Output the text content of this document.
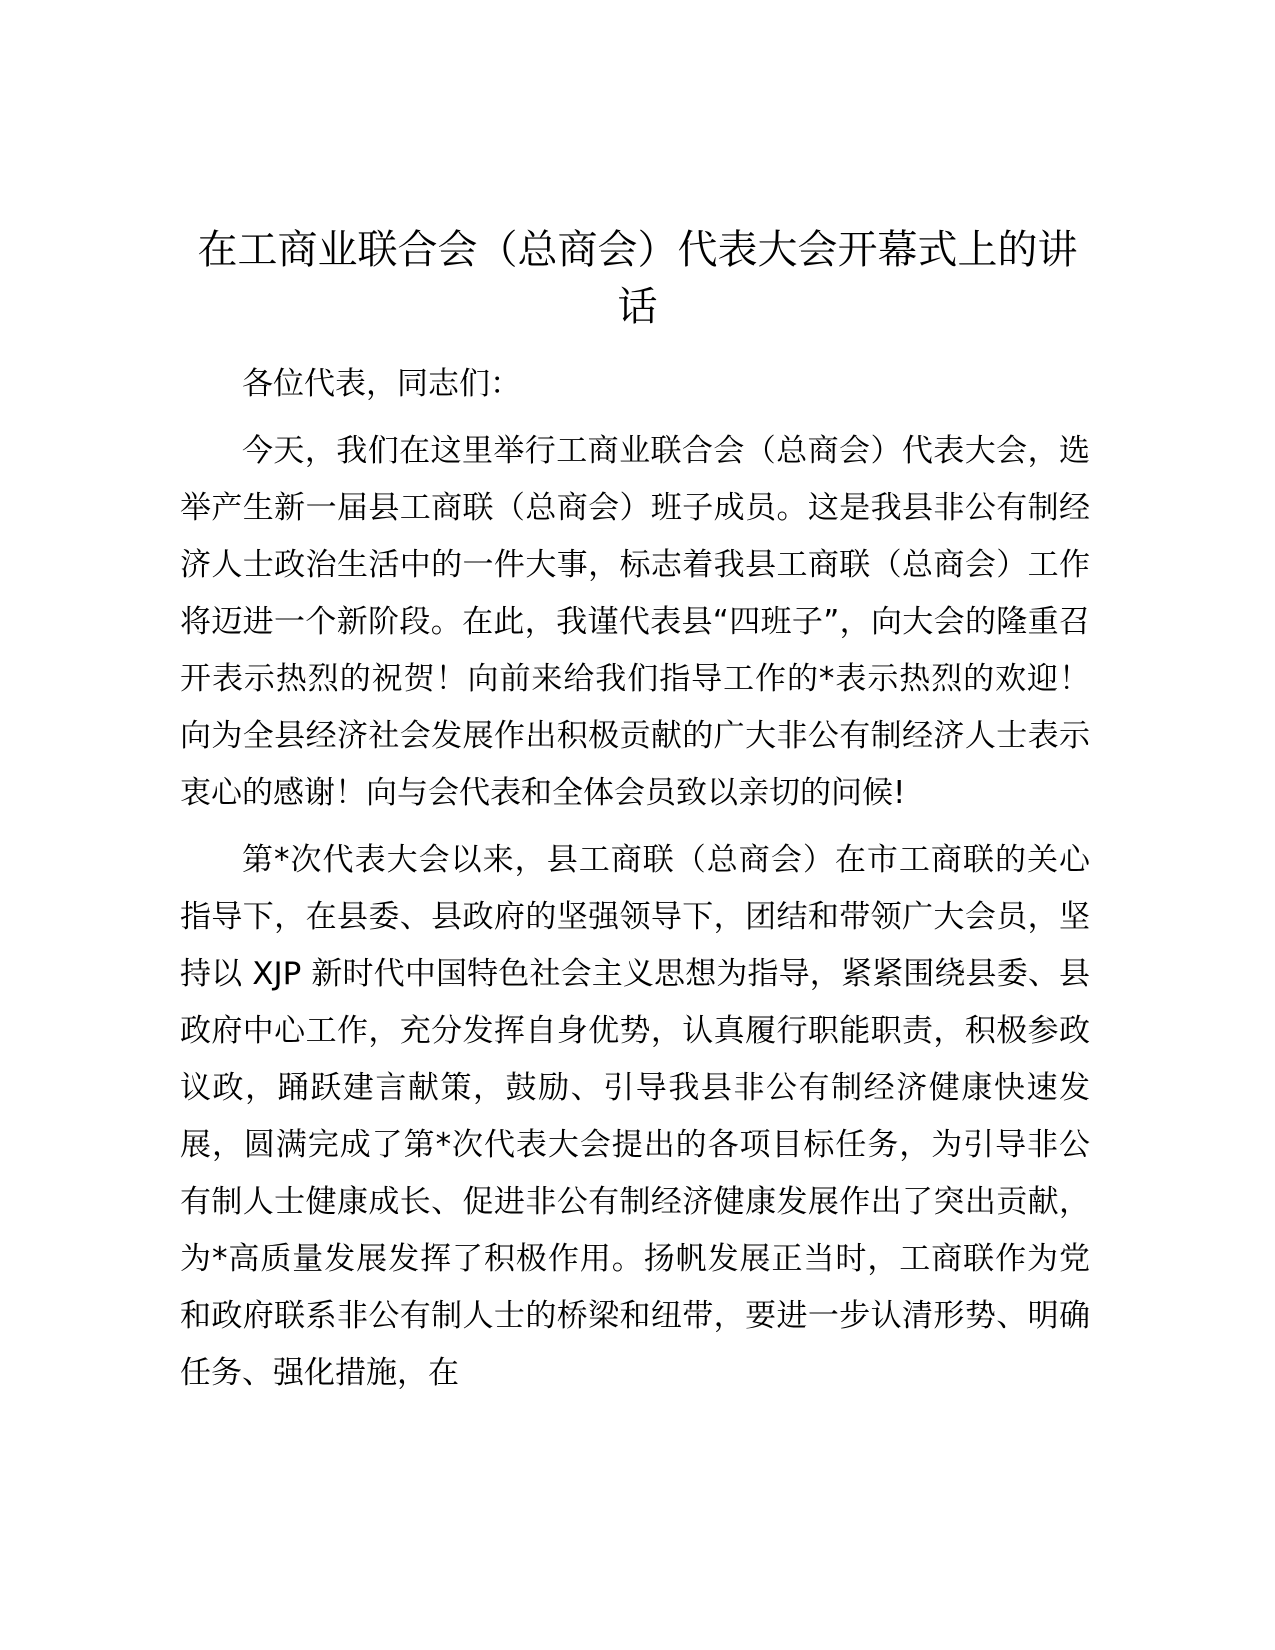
在工商业联合会（总商会）代表大会开幕式上的讲话

各位代表，同志们：

今天，我们在这里举行工商业联合会（总商会）代表大会，选举产生新一届县工商联（总商会）班子成员。这是我县非公有制经济人士政治生活中的一件大事，标志着我县工商联（总商会）工作将迈进一个新阶段。在此，我谨代表县“四班子”，向大会的隆重召开表示热烈的祝贺！向前来给我们指导工作的*表示热烈的欢迎！向为全县经济社会发展作出积极贡献的广大非公有制经济人士表示衷心的感谢！向与会代表和全体会员致以亲切的问候!

第*次代表大会以来，县工商联（总商会）在市工商联的关心指导下，在县委、县政府的坚强领导下，团结和带领广大会员，坚持以 XJP 新时代中国特色社会主义思想为指导，紧紧围绕县委、县政府中心工作，充分发挥自身优势，认真履行职能职责，积极参政议政，踊跃建言献策，鼓励、引导我县非公有制经济健康快速发展，圆满完成了第*次代表大会提出的各项目标任务，为引导非公有制人士健康成长、促进非公有制经济健康发展作出了突出贡献，为*高质量发展发挥了积极作用。扬帆发展正当时，工商联作为党和政府联系非公有制人士的桥梁和纽带，要进一步认清形势、明确任务、强化措施，在
